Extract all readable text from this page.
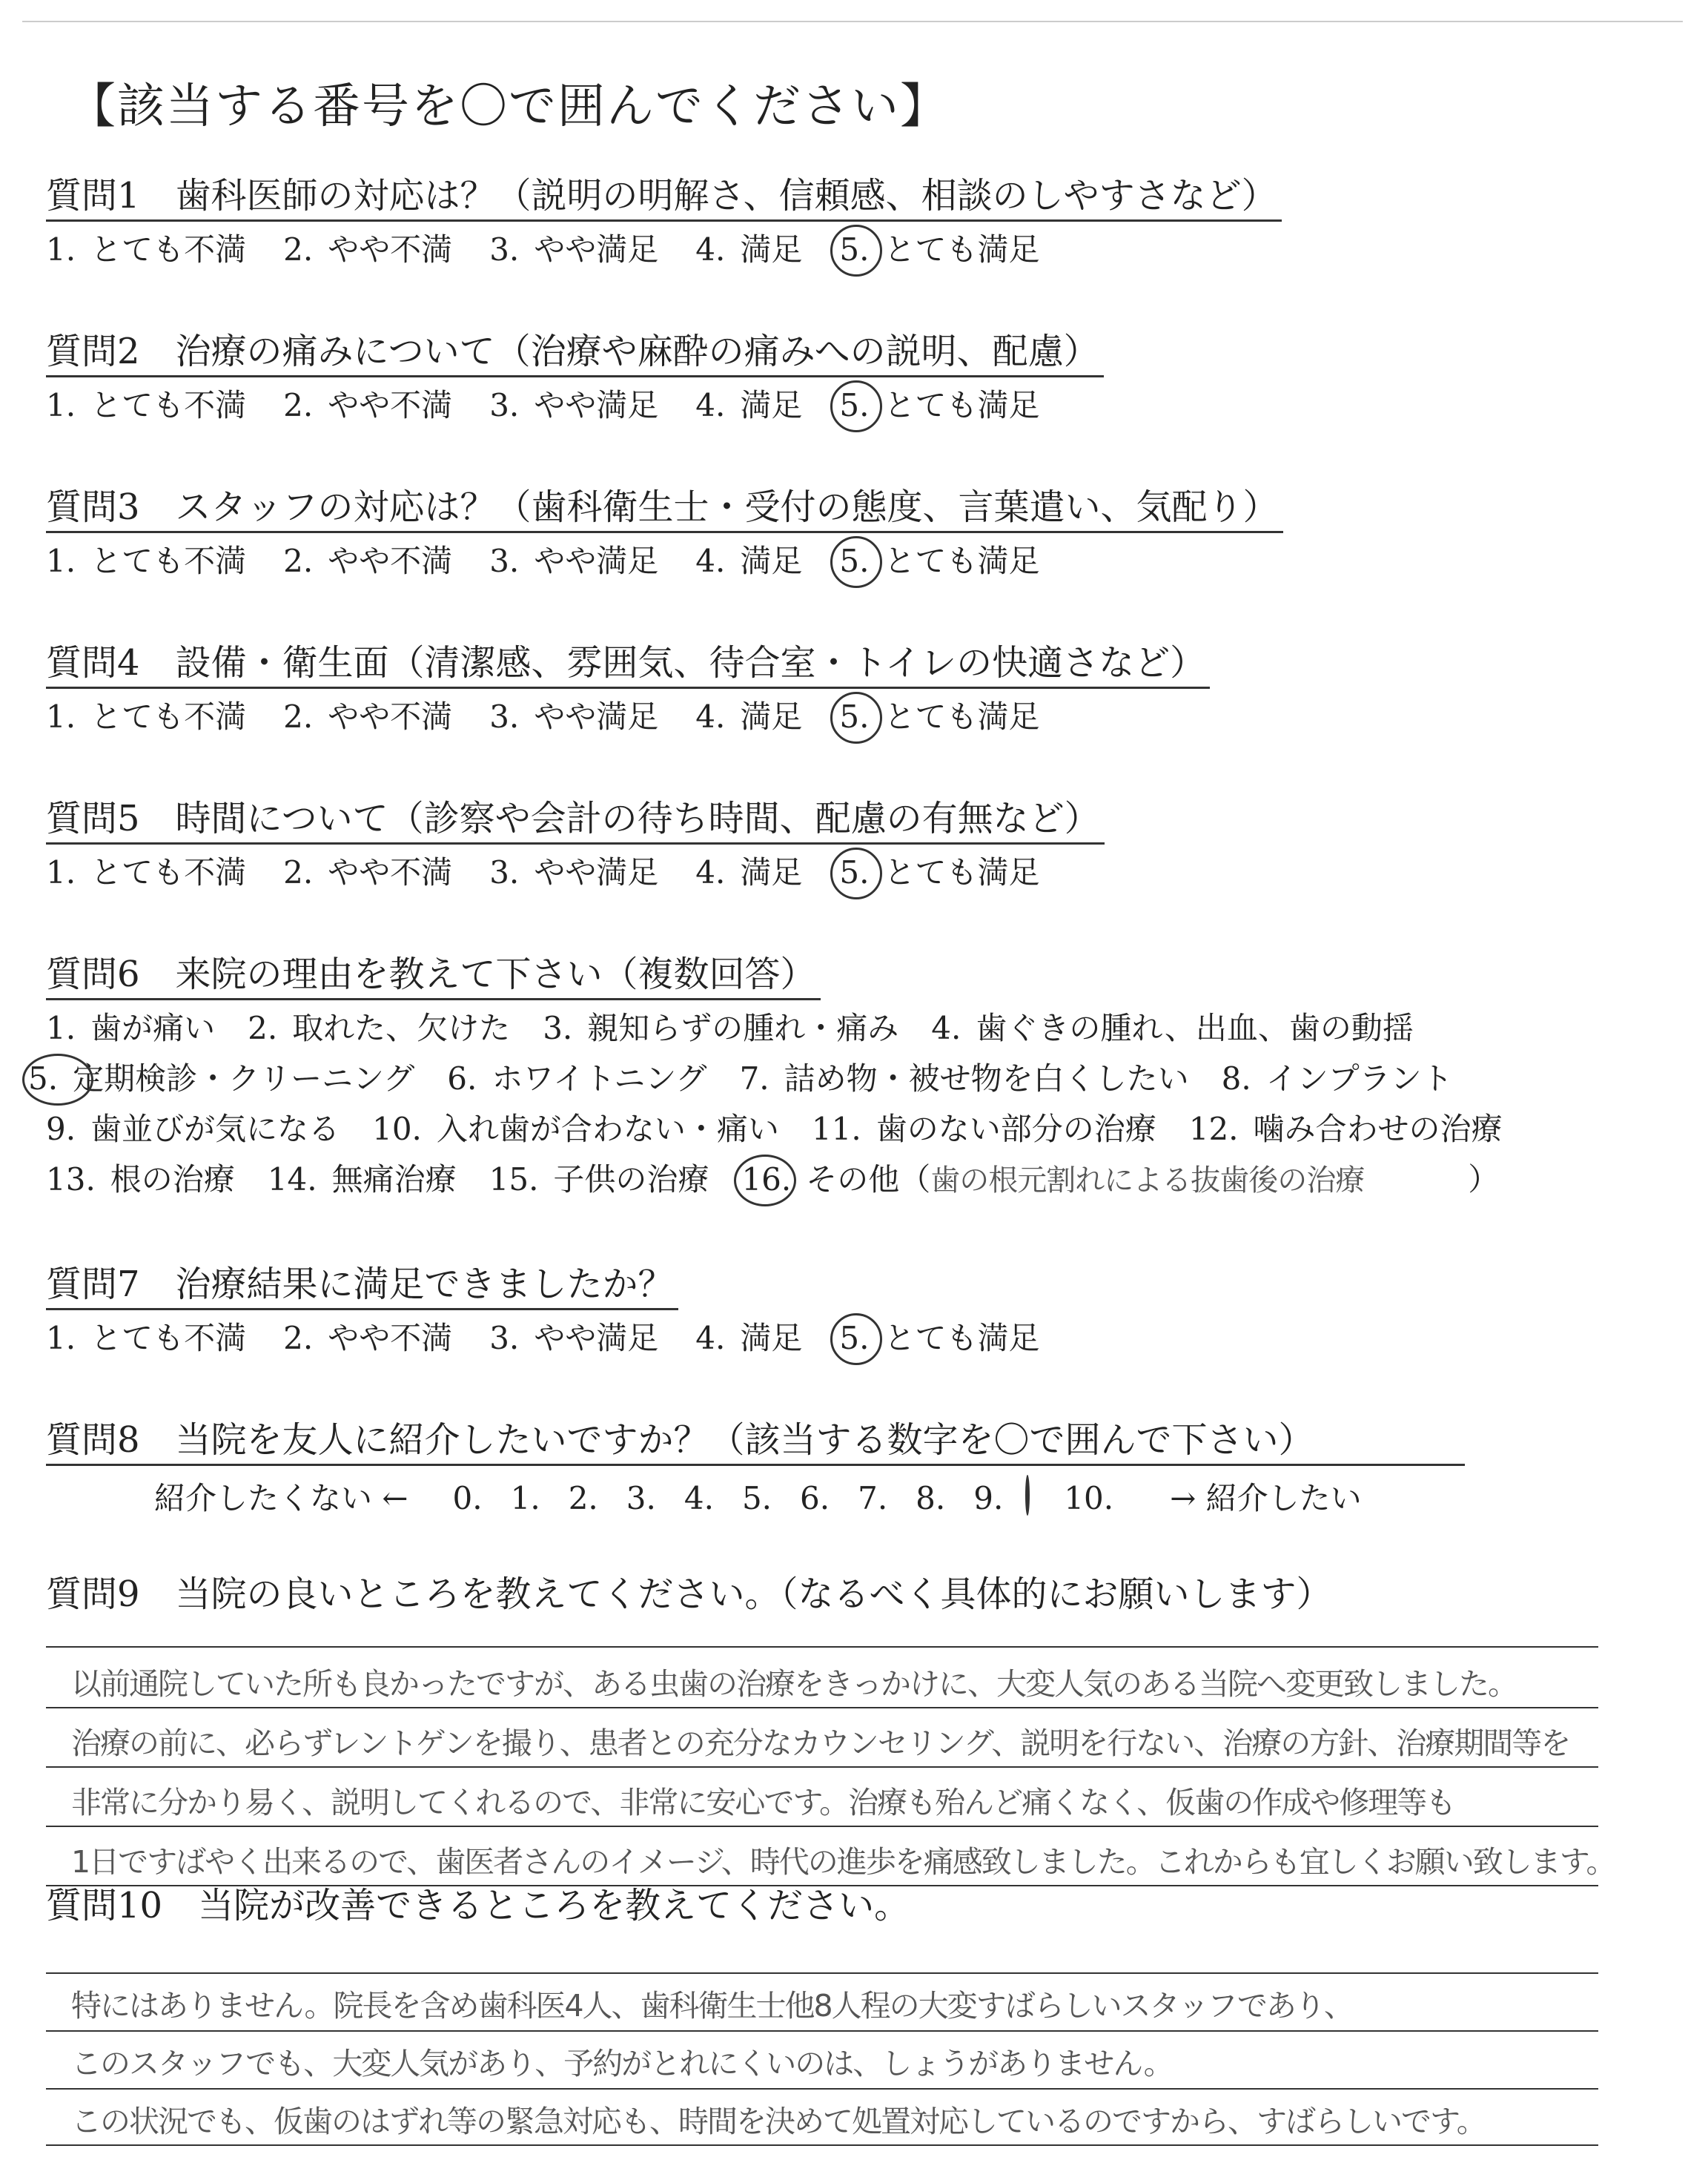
【該当する番号を〇で囲んでください】
質問1 歯科医師の対応は？（説明の明解さ、信頼感、相談のしやすさなど）
1. とても不満 2. やや不満 3. やや満足 4. 満足 5. とても満足
質問2 治療の痛みについて（治療や麻酔の痛みへの説明、配慮）
1. とても不満 2. やや不満 3. やや満足 4. 満足 5. とても満足
質問3 スタッフの対応は？（歯科衛生士・受付の態度、言葉遣い、気配り）
1. とても不満 2. やや不満 3. やや満足 4. 満足 5. とても満足
質問4 設備・衛生面（清潔感、雰囲気、待合室・トイレの快適さなど）
1. とても不満 2. やや不満 3. やや満足 4. 満足 5. とても満足
質問5 時間について（診察や会計の待ち時間、配慮の有無など）
1. とても不満 2. やや不満 3. やや満足 4. 満足 5. とても満足
質問6 来院の理由を教えて下さい（複数回答）
1. 歯が痛い 2. 取れた、欠けた 3. 親知らずの腫れ・痛み 4. 歯ぐきの腫れ、出血、歯の動揺
5. 定期検診・クリーニング 6. ホワイトニング 7. 詰め物・被せ物を白くしたい 8. インプラント
9. 歯並びが気になる 10. 入れ歯が合わない・痛い 11. 歯のない部分の治療 12. 噛み合わせの治療
13. 根の治療 14. 無痛治療 15. 子供の治療 16. その他（歯の根元割れによる抜歯後の治療	）
質問7 治療結果に満足できましたか？
1. とても不満 2. やや不満 3. やや満足 4. 満足 5. とても満足
質問8 当院を友人に紹介したいですか？（該当する数字を〇で囲んで下さい）
紹介したくない ← 0. 1. 2. 3. 4. 5. 6. 7. 8. 9.	10.	→ 紹介したい
質問9 当院の良いところを教えてください。（なるべく具体的にお願いします）
以前通院していた所も良かったですが、ある虫歯の治療をきっかけに、大変人気のある当院へ変更致しました。
治療の前に、必らずレントゲンを撮り、患者との充分なカウンセリング、説明を行ない、治療の方針、治療期間等を
非常に分かり易く、説明してくれるので、非常に安心です。治療も殆んど痛くなく、仮歯の作成や修理等も
1日ですばやく出来るので、歯医者さんのイメージ、時代の進歩を痛感致しました。これからも宜しくお願い致します。
質問10 当院が改善できるところを教えてください。
特にはありません。院長を含め歯科医4人、歯科衛生士他8人程の大変すばらしいスタッフであり、
このスタッフでも、大変人気があり、予約がとれにくいのは、しょうがありません。
この状況でも、仮歯のはずれ等の緊急対応も、時間を決めて処置対応しているのですから、すばらしいです。
